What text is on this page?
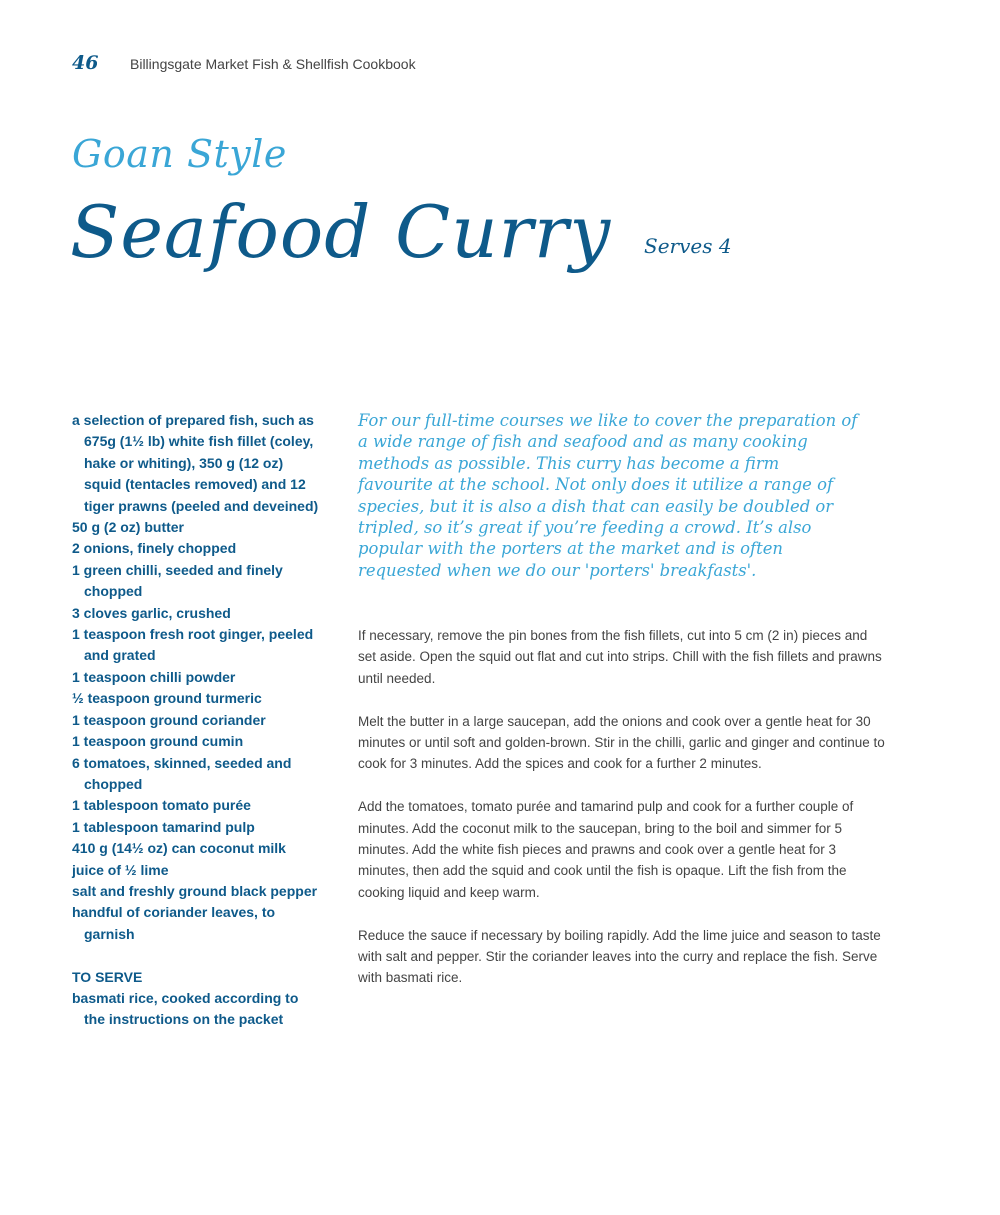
46	Billingsgate Market Fish & Shellfish Cookbook
Goan Style
Seafood Curry Serves 4
a selection of prepared fish, such as 675g (1½ lb) white fish fillet (coley, hake or whiting), 350 g (12 oz) squid (tentacles removed) and 12 tiger prawns (peeled and deveined)
50 g (2 oz) butter
2 onions, finely chopped
1 green chilli, seeded and finely chopped
3 cloves garlic, crushed
1 teaspoon fresh root ginger, peeled and grated
1 teaspoon chilli powder
½ teaspoon ground turmeric
1 teaspoon ground coriander
1 teaspoon ground cumin
6 tomatoes, skinned, seeded and chopped
1 tablespoon tomato purée
1 tablespoon tamarind pulp
410 g (14½ oz) can coconut milk
juice of ½ lime
salt and freshly ground black pepper
handful of coriander leaves, to garnish
TO SERVE
basmati rice, cooked according to the instructions on the packet

For our full-time courses we like to cover the preparation of a wide range of fish and seafood and as many cooking methods as possible. This curry has become a firm favourite at the school. Not only does it utilize a range of species, but it is also a dish that can easily be doubled or tripled, so it’s great if you’re feeding a crowd. It’s also popular with the porters at the market and is often requested when we do our 'porters' breakfasts'.

If necessary, remove the pin bones from the fish fillets, cut into 5 cm (2 in) pieces and set aside. Open the squid out flat and cut into strips. Chill with the fish fillets and prawns until needed.

Melt the butter in a large saucepan, add the onions and cook over a gentle heat for 30 minutes or until soft and golden-brown. Stir in the chilli, garlic and ginger and continue to cook for 3 minutes. Add the spices and cook for a further 2 minutes.

Add the tomatoes, tomato purée and tamarind pulp and cook for a further couple of minutes. Add the coconut milk to the saucepan, bring to the boil and simmer for 5 minutes. Add the white fish pieces and prawns and cook over a gentle heat for 3 minutes, then add the squid and cook until the fish is opaque. Lift the fish from the cooking liquid and keep warm.

Reduce the sauce if necessary by boiling rapidly. Add the lime juice and season to taste with salt and pepper. Stir the coriander leaves into the curry and replace the fish. Serve with basmati rice.
